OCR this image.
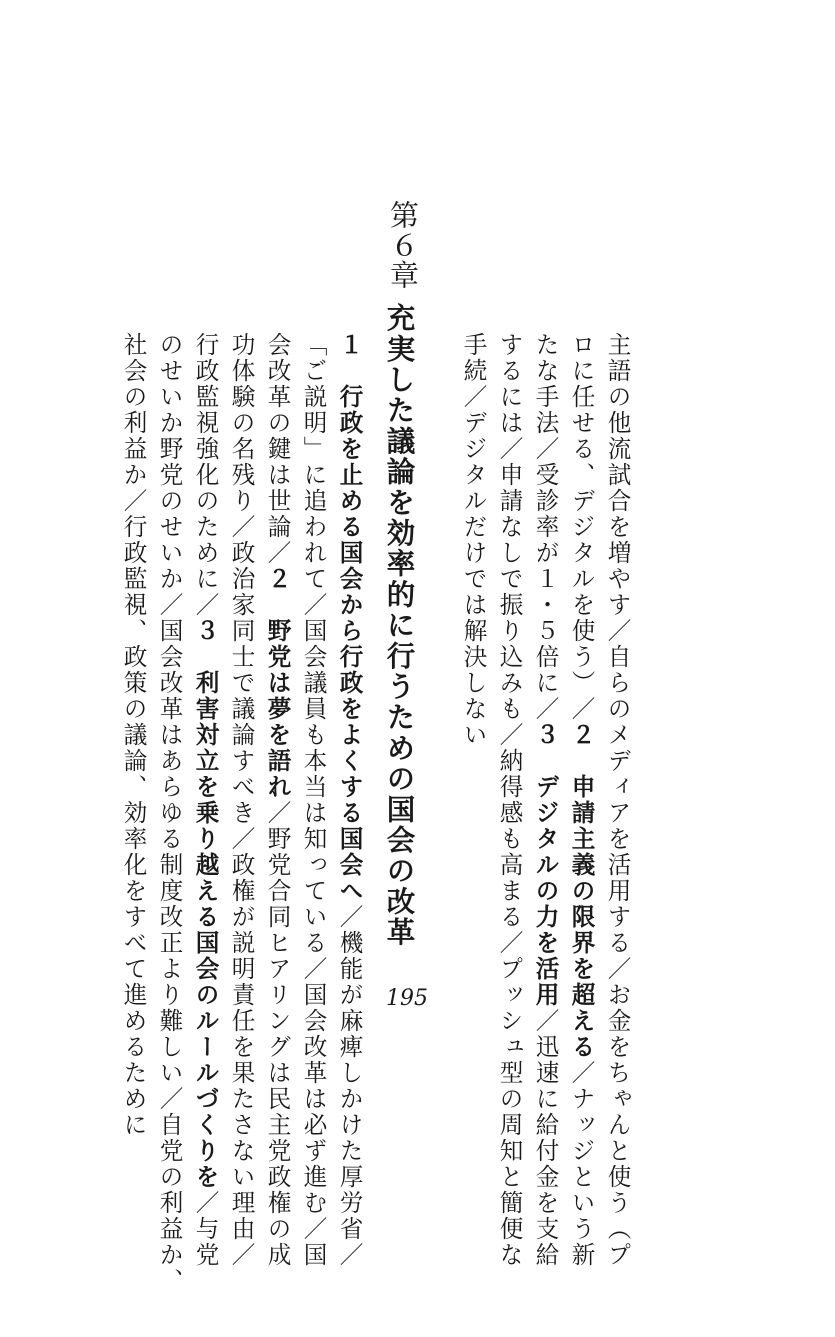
主語の他流試合を増やす／自らのメディアを活用する／お金をちゃんと使う（プ
ロに任せる、デジタルを使う）／２　申請主義の限界を超える／ナッジという新
たな手法／受診率が１・５倍に／３　デジタルの力を活用／迅速に給付金を支給
するには／申請なしで振り込みも／納得感も高まる／プッシュ型の周知と簡便な
手続／デジタルだけでは解決しない
第６章
充実した議論を効率的に行うための国会の改革
195
１　行政を止める国会から行政をよくする国会へ／機能が麻痺しかけた厚労省／
「ご説明」に追われて／国会議員も本当は知っている／国会改革は必ず進む／国
会改革の鍵は世論／２　野党は夢を語れ／野党合同ヒアリングは民主党政権の成
功体験の名残り／政治家同士で議論すべき／政権が説明責任を果たさない理由／
行政監視強化のために／３　利害対立を乗り越える国会のルールづくりを／与党
のせいか野党のせいか／国会改革はあらゆる制度改正より難しい／自党の利益か、
社会の利益か／行政監視、政策の議論、効率化をすべて進めるために
